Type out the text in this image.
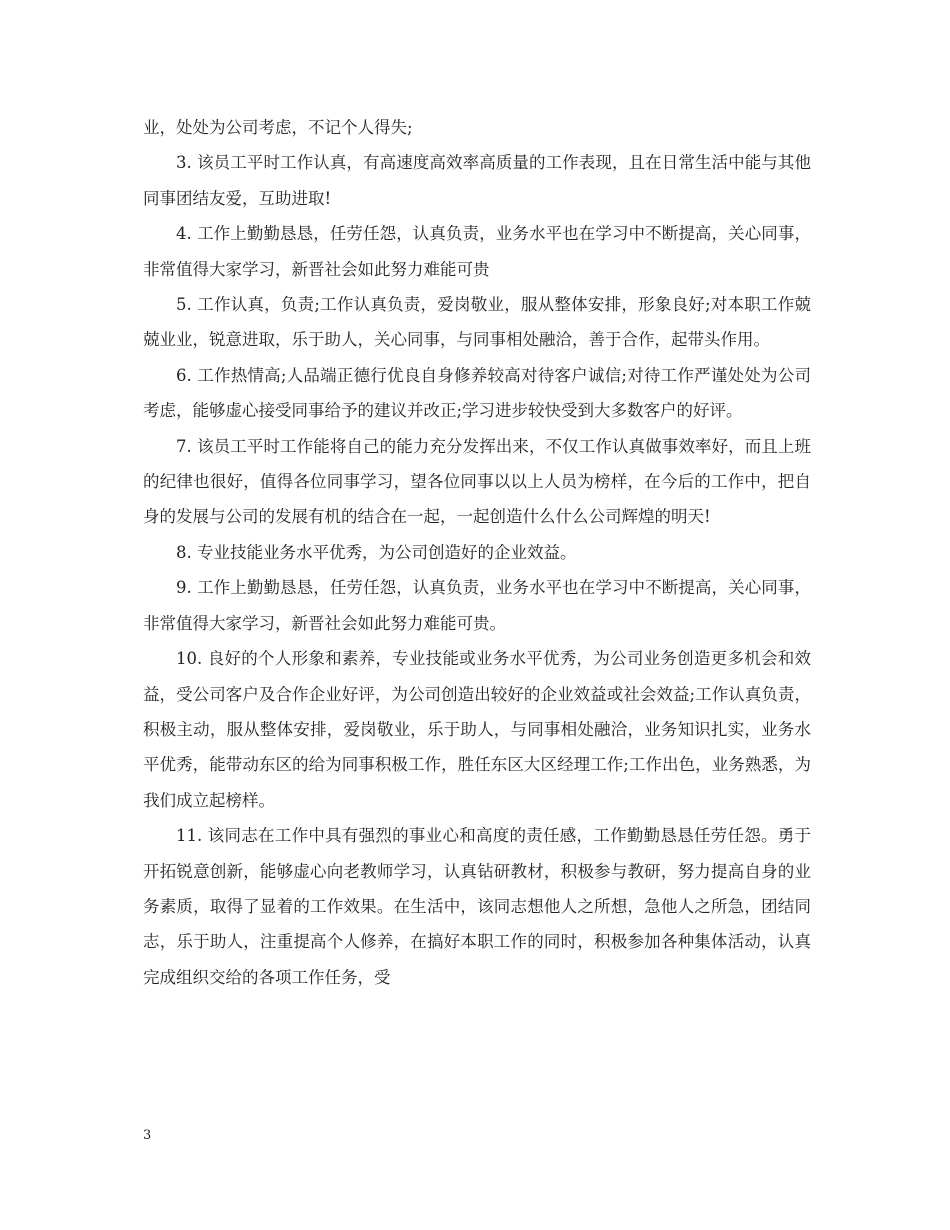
业，处处为公司考虑，不记个人得失;

3. 该员工平时工作认真，有高速度高效率高质量的工作表现，且在日常生活中能与其他同事团结友爱，互助进取!

4. 工作上勤勤恳恳，任劳任怨，认真负责，业务水平也在学习中不断提高，关心同事，非常值得大家学习，新晋社会如此努力难能可贵

5. 工作认真，负责;工作认真负责，爱岗敬业，服从整体安排，形象良好;对本职工作兢兢业业，锐意进取，乐于助人，关心同事，与同事相处融洽，善于合作，起带头作用。

6. 工作热情高;人品端正德行优良自身修养较高对待客户诚信;对待工作严谨处处为公司考虑，能够虚心接受同事给予的建议并改正;学习进步较快受到大多数客户的好评。

7. 该员工平时工作能将自己的能力充分发挥出来，不仅工作认真做事效率好，而且上班的纪律也很好，值得各位同事学习，望各位同事以以上人员为榜样，在今后的工作中，把自身的发展与公司的发展有机的结合在一起，一起创造什么什么公司辉煌的明天!

8. 专业技能业务水平优秀，为公司创造好的企业效益。

9. 工作上勤勤恳恳，任劳任怨，认真负责，业务水平也在学习中不断提高，关心同事，非常值得大家学习，新晋社会如此努力难能可贵。

10. 良好的个人形象和素养，专业技能或业务水平优秀，为公司业务创造更多机会和效益，受公司客户及合作企业好评，为公司创造出较好的企业效益或社会效益;工作认真负责，积极主动，服从整体安排，爱岗敬业，乐于助人，与同事相处融洽，业务知识扎实，业务水平优秀，能带动东区的给为同事积极工作，胜任东区大区经理工作;工作出色，业务熟悉，为我们成立起榜样。

11. 该同志在工作中具有强烈的事业心和高度的责任感，工作勤勤恳恳任劳任怨。勇于开拓锐意创新，能够虚心向老教师学习，认真钻研教材，积极参与教研，努力提高自身的业务素质，取得了显着的工作效果。在生活中，该同志想他人之所想，急他人之所急，团结同志，乐于助人，注重提高个人修养，在搞好本职工作的同时，积极参加各种集体活动，认真完成组织交给的各项工作任务，受

3
